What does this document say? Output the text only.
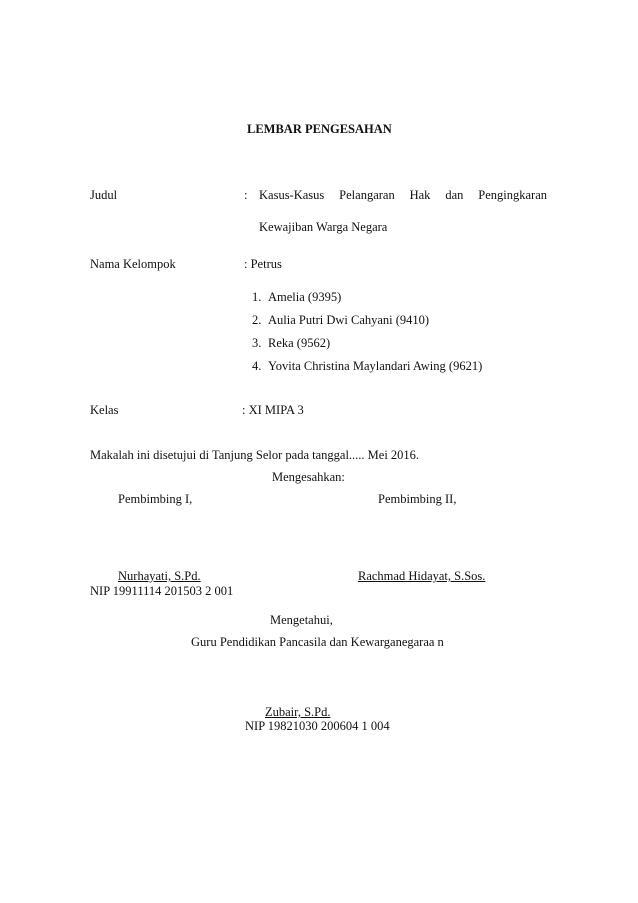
LEMBAR PENGESAHAN
Judul	: Kasus-Kasus Pelangaran Hak dan Pengingkaran
Kewajiban Warga Negara
Nama Kelompok	: Petrus
1. Amelia (9395)
2. Aulia Putri Dwi Cahyani (9410)
3. Reka (9562)
4. Yovita Christina Maylandari Awing (9621)
Kelas	: XI MIPA 3
Makalah ini disetujui di Tanjung Selor pada tanggal..... Mei 2016.
Mengesahkan:
Pembimbing I,	Pembimbing II,
Nurhayati, S.Pd.	Rachmad Hidayat, S.Sos.
NIP 19911114 201503 2 001
Mengetahui,
Guru Pendidikan Pancasila dan Kewarganegaraa n
Zubair, S.Pd.
NIP 19821030 200604 1 004
